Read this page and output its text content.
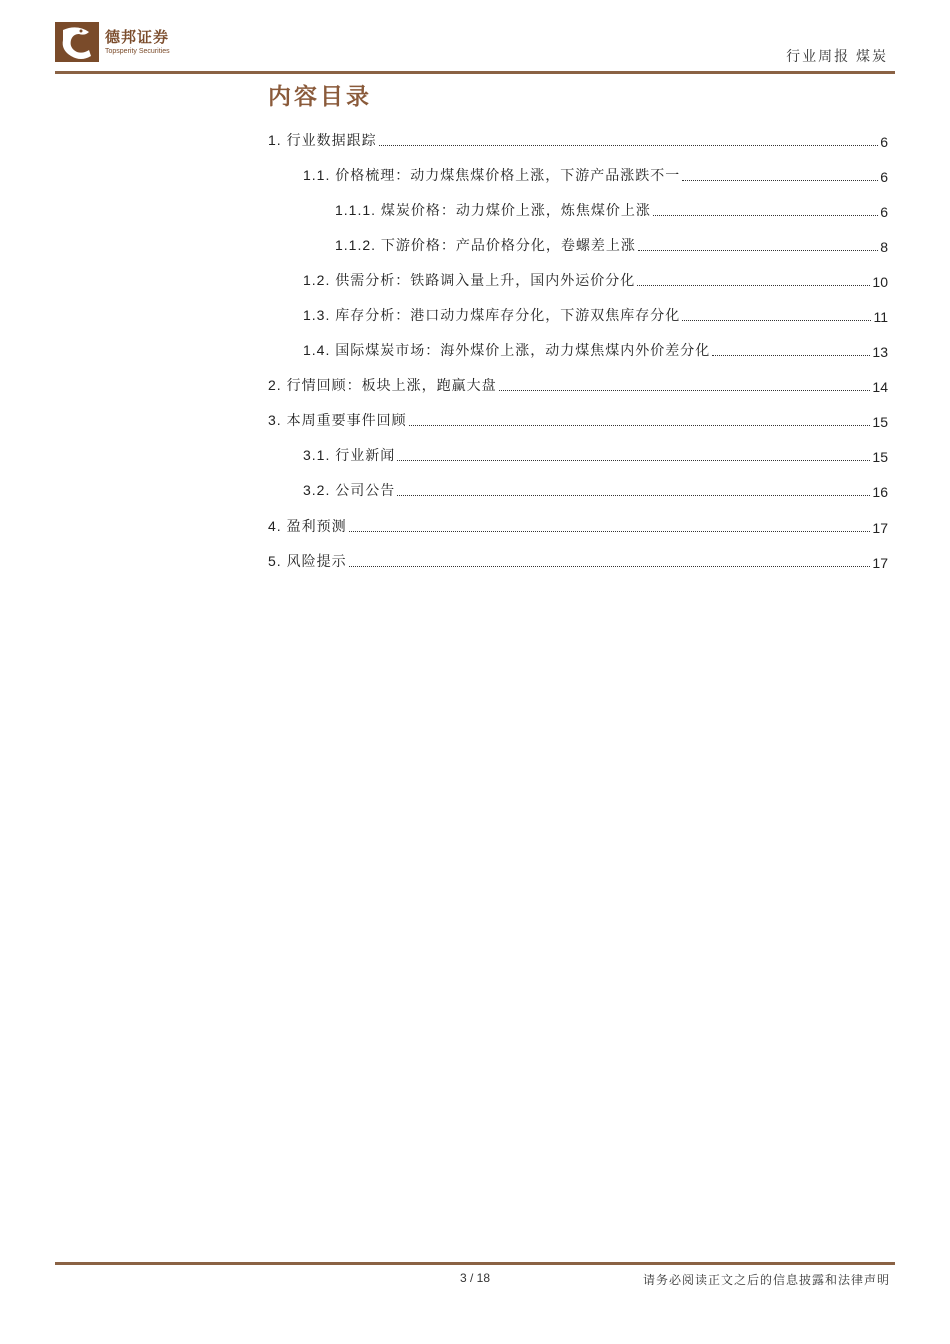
德邦证券
Topsperity Securities	行业周报 煤炭
内容目录
1. 行业数据跟踪	6
1.1. 价格梳理：动力煤焦煤价格上涨，下游产品涨跌不一	6
1.1.1. 煤炭价格：动力煤价上涨，炼焦煤价上涨	6
1.1.2. 下游价格：产品价格分化，卷螺差上涨	8
1.2. 供需分析：铁路调入量上升，国内外运价分化	10
1.3. 库存分析：港口动力煤库存分化，下游双焦库存分化	11
1.4. 国际煤炭市场：海外煤价上涨，动力煤焦煤内外价差分化	13
2. 行情回顾：板块上涨，跑赢大盘	14
3. 本周重要事件回顾	15
3.1. 行业新闻	15
3.2. 公司公告	16
4. 盈利预测	17
5. 风险提示	17
3 / 18	请务必阅读正文之后的信息披露和法律声明
